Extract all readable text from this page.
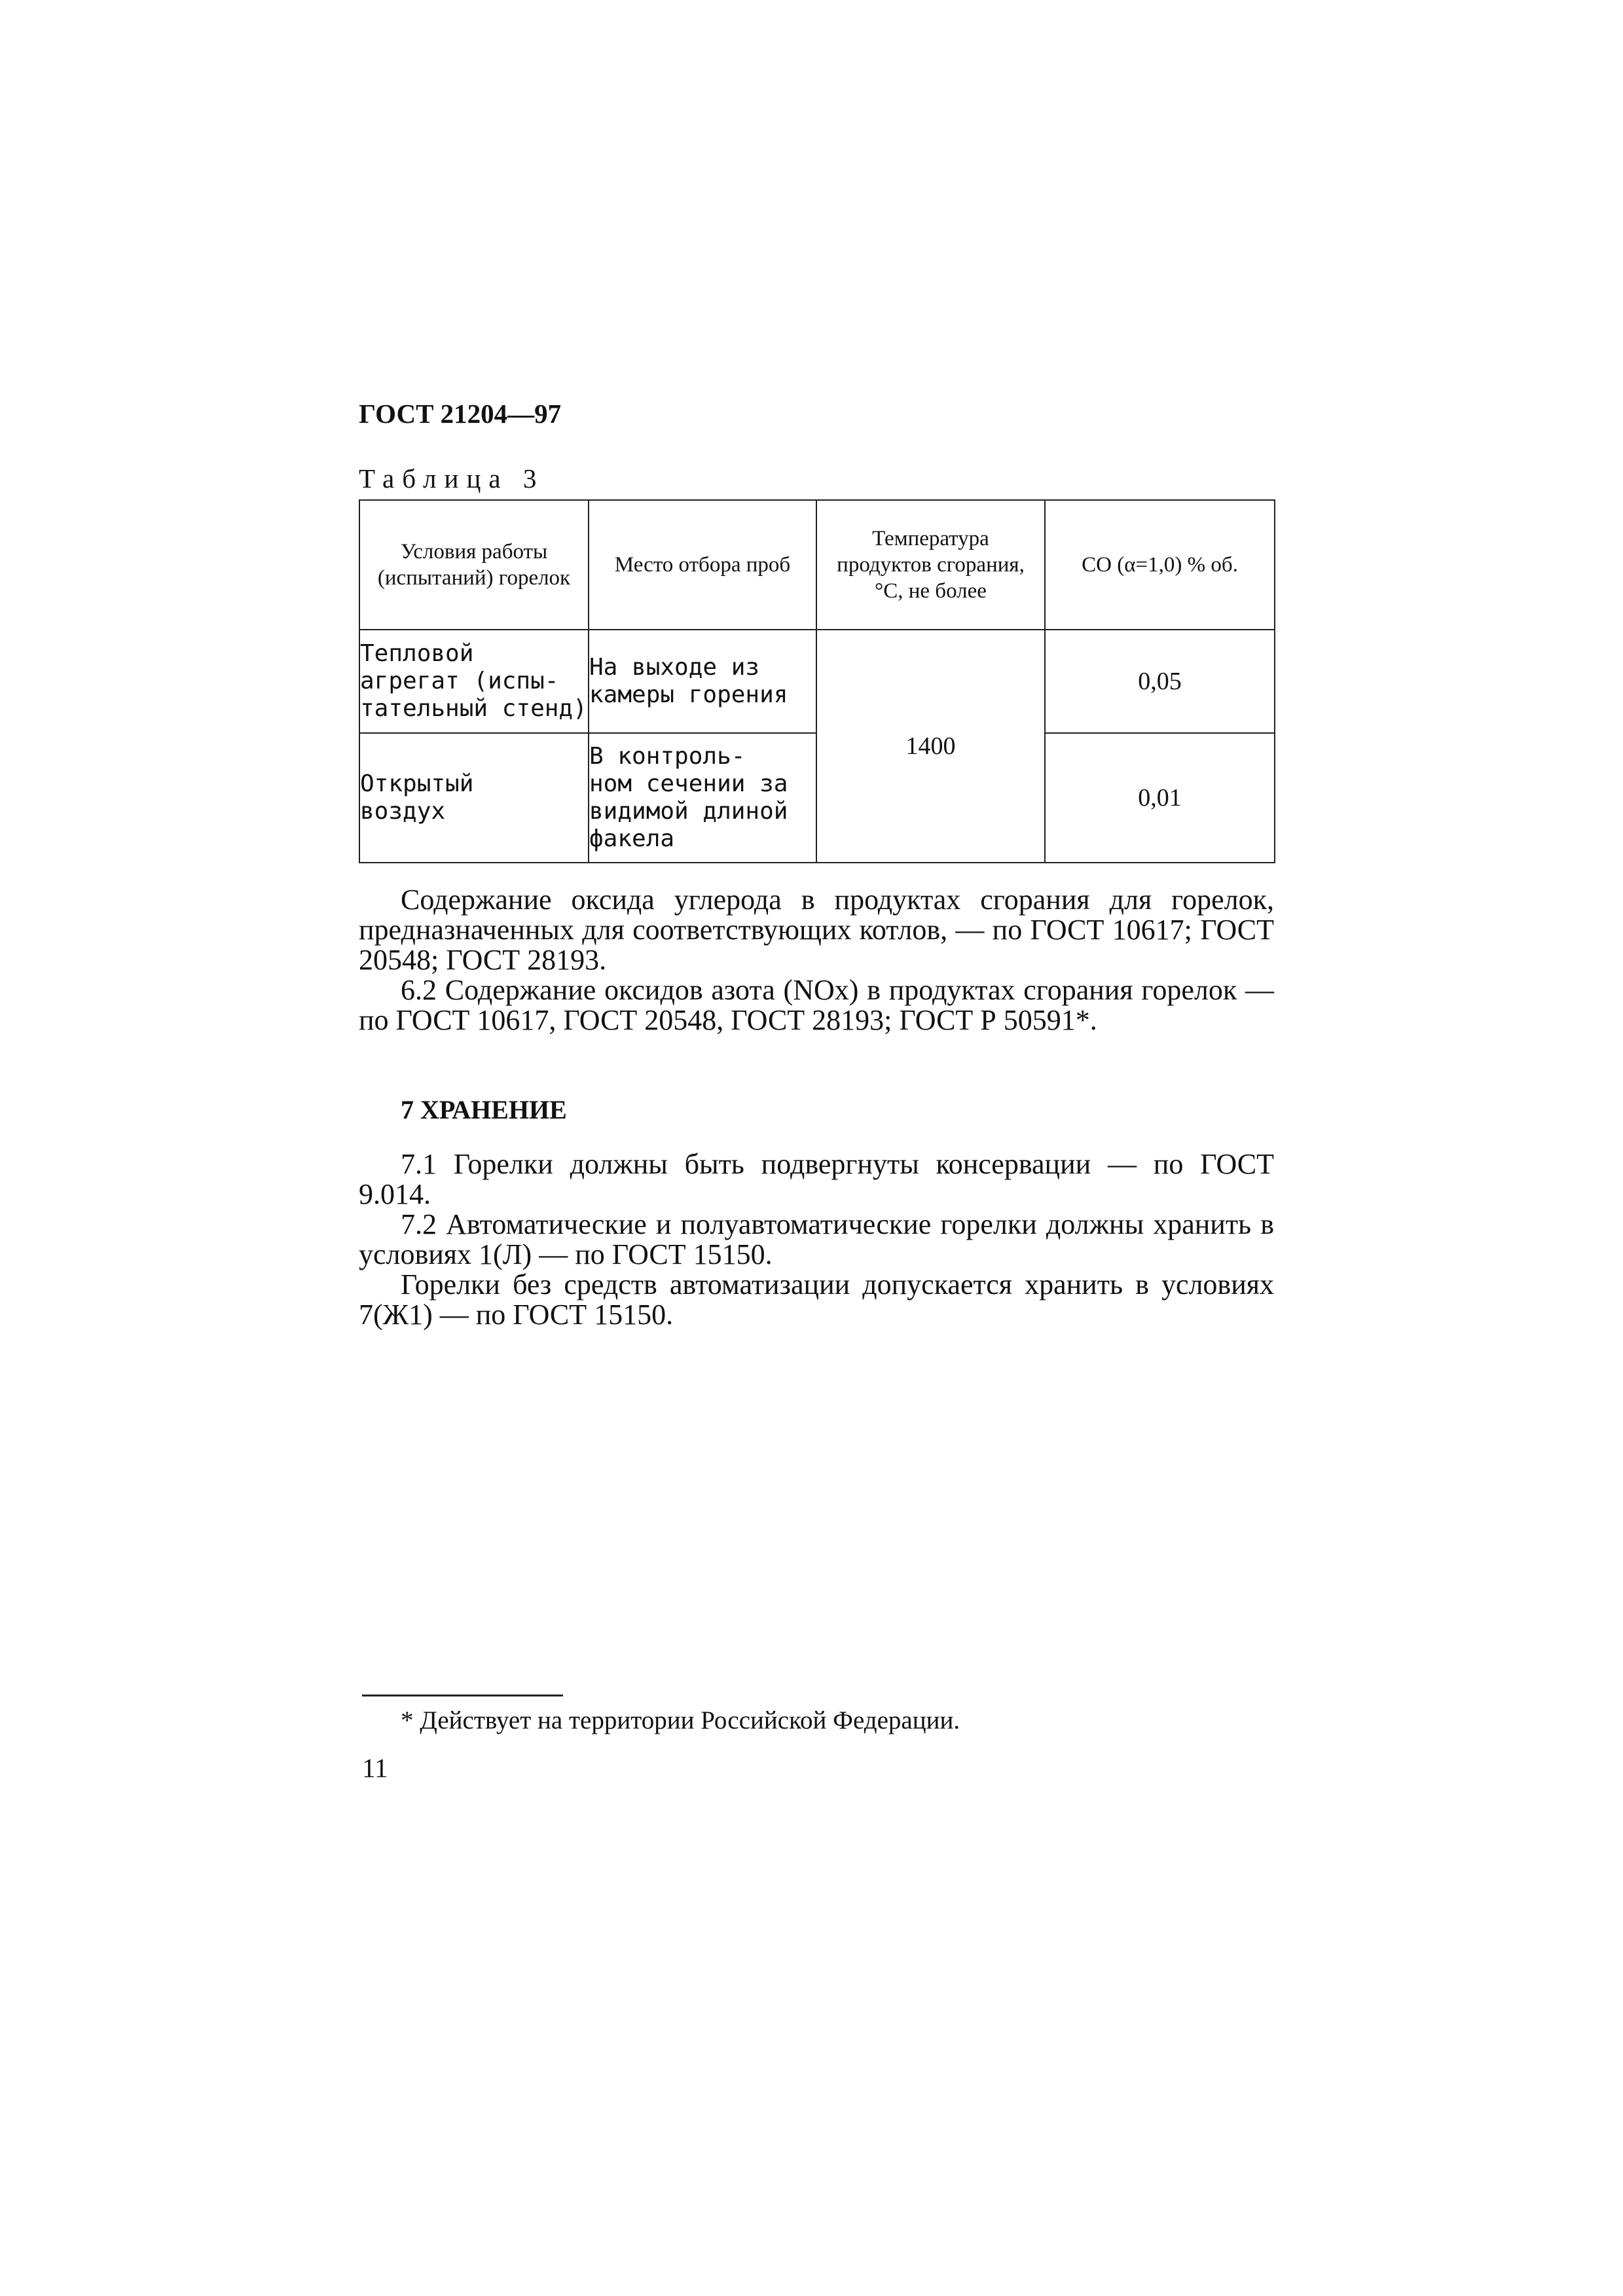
ГОСТ 21204—97
Таблица 3
Условия работы (испытаний) горелок	Место отбора проб	Температура продуктов сгорания, °С, не более	СО (α=1,0) % об.

Тепловой
агрегат (испы-
тательный стенд)	На выходе из
камеры горения	1400	0,05

Открытый
воздух	В контроль-
ном сечении за
видимой длиной
факела		0,01

Содержание оксида углерода в продуктах сгорания для горелок, предназначенных для соответствующих котлов, — по ГОСТ 10617; ГОСТ 20548; ГОСТ 28193.

6.2 Содержание оксидов азота (NOx) в продуктах сгорания горелок — по ГОСТ 10617, ГОСТ 20548, ГОСТ 28193; ГОСТ Р 50591*.

7 ХРАНЕНИЕ

7.1 Горелки должны быть подвергнуты консервации — по ГОСТ 9.014.

7.2 Автоматические и полуавтоматические горелки должны хранить в условиях 1(Л) — по ГОСТ 15150.

Горелки без средств автоматизации допускается хранить в условиях 7(Ж1) — по ГОСТ 15150.

* Действует на территории Российской Федерации.
11
